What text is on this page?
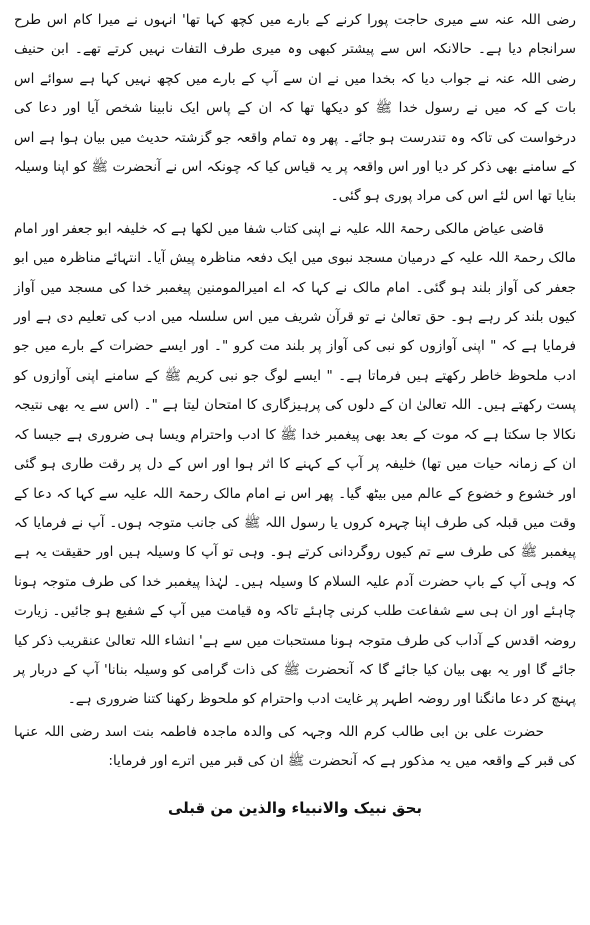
رضی اللہ عنہ سے میری حاجت پورا کرنے کے بارے میں کچھ کہا تھا' انہوں نے میرا کام اس طرح سرانجام دیا ہے۔ حالانکہ اس سے پیشتر کبھی وہ میری طرف التفات نہیں کرتے تھے۔ ابن حنیف رضی اللہ عنہ نے جواب دیا کہ بخدا میں نے ان سے آپ کے بارے میں کچھ نہیں کہا ہے سوائے اس بات کے کہ میں نے رسول خدا ﷺ کو دیکھا تھا کہ ان کے پاس ایک نابینا شخص آیا اور دعا کی درخواست کی تاکہ وہ تندرست ہو جائے۔ پھر وہ تمام واقعہ جو گزشتہ حدیث میں بیان ہوا ہے اس کے سامنے بھی ذکر کر دیا اور اس واقعہ پر یہ قیاس کیا کہ چونکہ اس نے آنحضرت ﷺ کو اپنا وسیلہ بنایا تھا اس لئے اس کی مراد پوری ہو گئی۔

قاضی عیاض مالکی رحمۃ اللہ علیہ نے اپنی کتاب شفا میں لکھا ہے کہ خلیفہ ابو جعفر اور امام مالک رحمۃ اللہ علیہ کے درمیان مسجد نبوی میں ایک دفعہ مناظرہ پیش آیا۔ انتہائے مناظرہ میں ابو جعفر کی آواز بلند ہو گئی۔ امام مالک نے کہا کہ اے امیرالمومنین پیغمبر خدا کی مسجد میں آواز کیوں بلند کر رہے ہو۔ حق تعالیٰ نے تو قرآن شریف میں اس سلسلہ میں ادب کی تعلیم دی ہے اور فرمایا ہے کہ " اپنی آوازوں کو نبی کی آواز پر بلند مت کرو "۔ اور ایسے حضرات کے بارے میں جو ادب ملحوظ خاطر رکھتے ہیں فرماتا ہے۔ " ایسے لوگ جو نبی کریم ﷺ کے سامنے اپنی آوازوں کو پست رکھتے ہیں۔ اللہ تعالیٰ ان کے دلوں کی پرہیزگاری کا امتحان لیتا ہے "۔ (اس سے یہ بھی نتیجہ نکالا جا سکتا ہے کہ موت کے بعد بھی پیغمبر خدا ﷺ کا ادب واحترام ویسا ہی ضروری ہے جیسا کہ ان کے زمانہ حیات میں تھا) خلیفہ پر آپ کے کہنے کا اثر ہوا اور اس کے دل پر رقت طاری ہو گئی اور خشوع و خضوع کے عالم میں بیٹھ گیا۔ پھر اس نے امام مالک رحمۃ اللہ علیہ سے کہا کہ دعا کے وقت میں قبلہ کی طرف اپنا چہرہ کروں یا رسول اللہ ﷺ کی جانب متوجہ ہوں۔ آپ نے فرمایا کہ پیغمبر ﷺ کی طرف سے تم کیوں روگردانی کرتے ہو۔ وہی تو آپ کا وسیلہ ہیں اور حقیقت یہ ہے کہ وہی آپ کے باپ حضرت آدم علیہ السلام کا وسیلہ ہیں۔ لہٰذا پیغمبر خدا کی طرف متوجہ ہونا چاہئے اور ان ہی سے شفاعت طلب کرنی چاہئے تاکہ وہ قیامت میں آپ کے شفیع ہو جائیں۔ زیارت روضہ اقدس کے آداب کی طرف متوجہ ہونا مستحبات میں سے ہے' انشاء اللہ تعالیٰ عنقریب ذکر کیا جائے گا اور یہ بھی بیان کیا جائے گا کہ آنحضرت ﷺ کی ذات گرامی کو وسیلہ بنانا' آپ کے دربار پر پہنچ کر دعا مانگنا اور روضہ اطہر پر غایت ادب واحترام کو ملحوظ رکھنا کتنا ضروری ہے۔

حضرت علی بن ابی طالب کرم اللہ وجہہ کی والدہ ماجدہ فاطمہ بنت اسد رضی اللہ عنہا کی قبر کے واقعہ میں یہ مذکور ہے کہ آنحضرت ﷺ ان کی قبر میں اترے اور فرمایا:

بحق نبیک والانبیاء والذین من قبلی
